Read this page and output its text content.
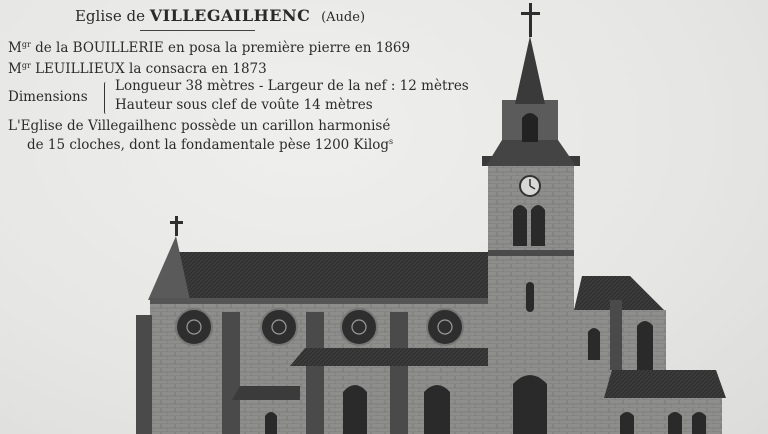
Eglise de VILLEGAILHENC (Aude)
$M^{gr}$ de la BOUILLERIE en posa la première pierre en 1869
$M^{gr}$ LEUILLIEUX la consacra en 1873
Dimensions
Longueur 38 mètres - Largeur de la nef : 12 mètres
Hauteur sous clef de voûte 14 mètres
L'Eglise de Villegailhenc possède un carillon harmonisé
de 15 cloches, dont la fondamentale pèse 1200 Kilog$^s$
